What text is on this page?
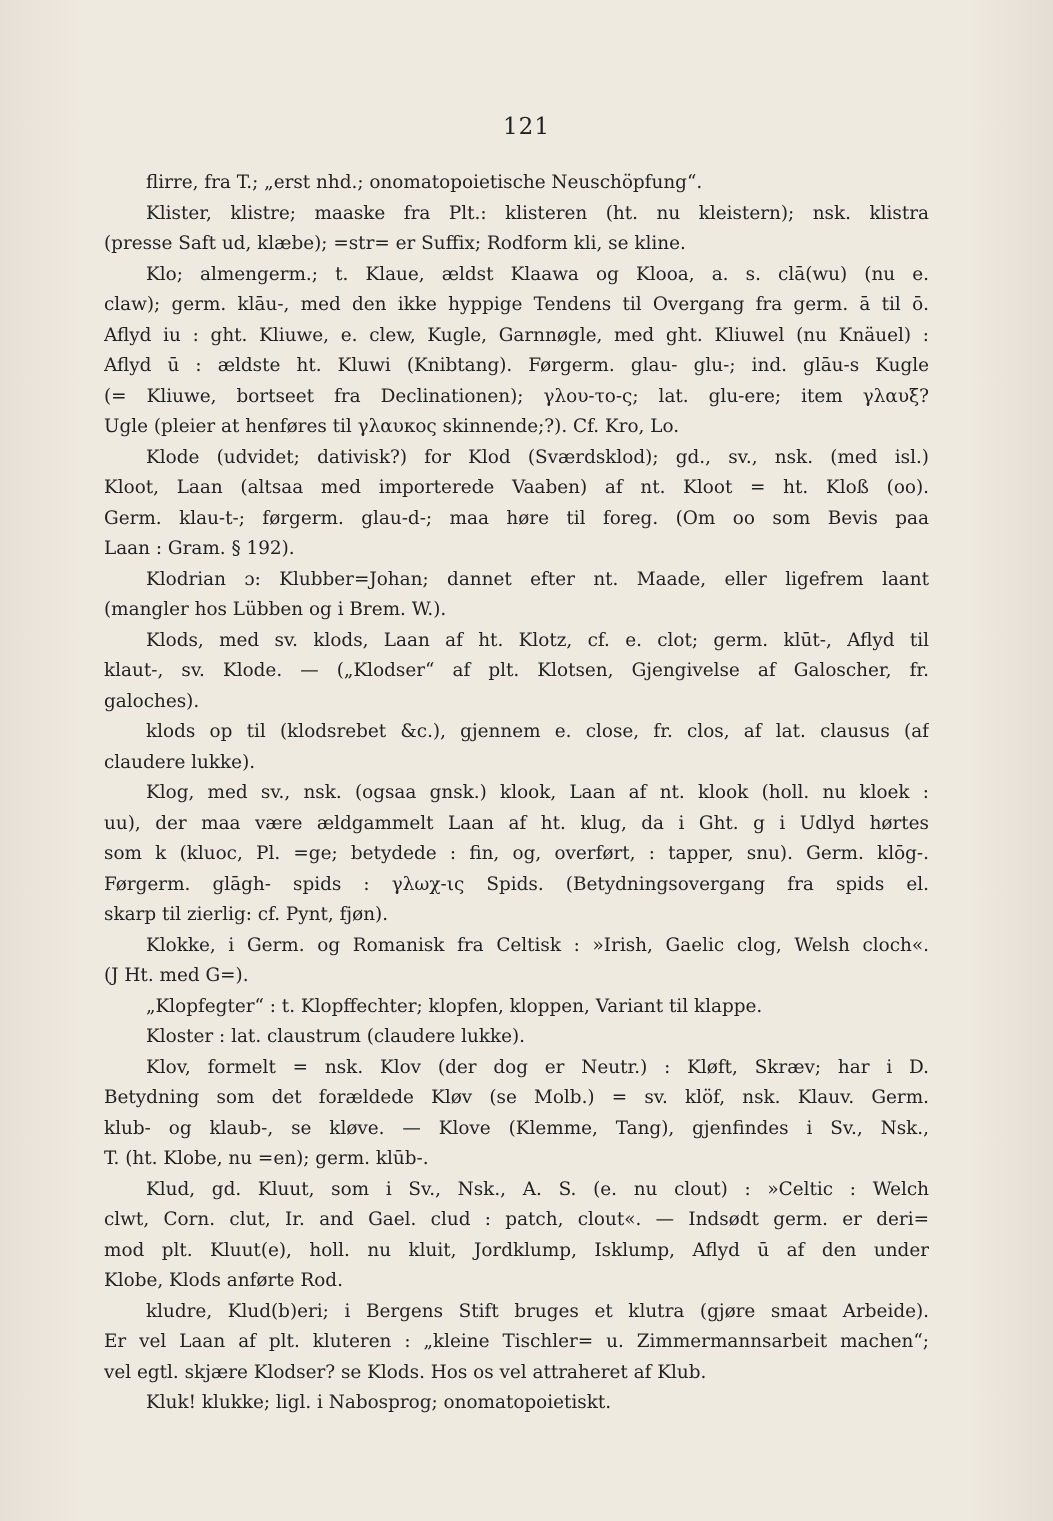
121
flirre, fra T.; „erst nhd.; onomatopoietische Neuschöpfung“.
Klister, klistre; maaske fra Plt.: klisteren (ht. nu kleistern); nsk. klistra
(presse Saft ud, klæbe); =str= er Suffix; Rodform kli, se kline.
Klo; almengerm.; t. Klaue, ældst Klaawa og Klooa, a. s. clā(wu) (nu e.
claw); germ. klāu-, med den ikke hyppige Tendens til Overgang fra germ. ā til ō.
Aflyd iu : ght. Kliuwe, e. clew, Kugle, Garnnøgle, med ght. Kliuwel (nu Knäuel) :
Aflyd ū : ældste ht. Kluwi (Knibtang). Førgerm. glau- glu-; ind. glāu-s Kugle
(= Kliuwe, bortseet fra Declinationen); γλου-το-ς; lat. glu-ere; item γλαυξ?
Ugle (pleier at henføres til γλαυκος skinnende;?). Cf. Kro, Lo.
Klode (udvidet; dativisk?) for Klod (Sværdsklod); gd., sv., nsk. (med isl.)
Kloot, Laan (altsaa med importerede Vaaben) af nt. Kloot = ht. Kloß (oo).
Germ. klau-t-; førgerm. glau-d-; maa høre til foreg. (Om oo som Bevis paa
Laan : Gram. § 192).
Klodrian ɔ: Klubber=Johan; dannet efter nt. Maade, eller ligefrem laant
(mangler hos Lübben og i Brem. W.).
Klods, med sv. klods, Laan af ht. Klotz, cf. e. clot; germ. klūt-, Aflyd til
klaut-, sv. Klode. — („Klodser“ af plt. Klotsen, Gjengivelse af Galoscher, fr.
galoches).
klods op til (klodsrebet &c.), gjennem e. close, fr. clos, af lat. clausus (af
claudere lukke).
Klog, med sv., nsk. (ogsaa gnsk.) klook, Laan af nt. klook (holl. nu kloek :
uu), der maa være ældgammelt Laan af ht. klug, da i Ght. g i Udlyd hørtes
som k (kluoc, Pl. =ge; betydede : fin, og, overført, : tapper, snu). Germ. klōg-.
Førgerm. glāgh- spids : γλωχ-ις Spids. (Betydningsovergang fra spids el.
skarp til zierlig: cf. Pynt, fjøn).
Klokke, i Germ. og Romanisk fra Celtisk : »Irish, Gaelic clog, Welsh cloch«.
(J Ht. med G=).
„Klopfegter“ : t. Klopffechter; klopfen, kloppen, Variant til klappe.
Kloster : lat. claustrum (claudere lukke).
Klov, formelt = nsk. Klov (der dog er Neutr.) : Kløft, Skræv; har i D.
Betydning som det forældede Kløv (se Molb.) = sv. klöf, nsk. Klauv. Germ.
klub- og klaub-, se kløve. — Klove (Klemme, Tang), gjenfindes i Sv., Nsk.,
T. (ht. Klobe, nu =en); germ. klūb-.
Klud, gd. Kluut, som i Sv., Nsk., A. S. (e. nu clout) : »Celtic : Welch
clwt, Corn. clut, Ir. and Gael. clud : patch, clout«. — Indsødt germ. er deri=
mod plt. Kluut(e), holl. nu kluit, Jordklump, Isklump, Aflyd ū af den under
Klobe, Klods anførte Rod.
kludre, Klud(b)eri; i Bergens Stift bruges et klutra (gjøre smaat Arbeide).
Er vel Laan af plt. kluteren : „kleine Tischler= u. Zimmermannsarbeit machen“;
vel egtl. skjære Klodser? se Klods. Hos os vel attraheret af Klub.
Kluk! klukke; ligl. i Nabosprog; onomatopoietiskt.
